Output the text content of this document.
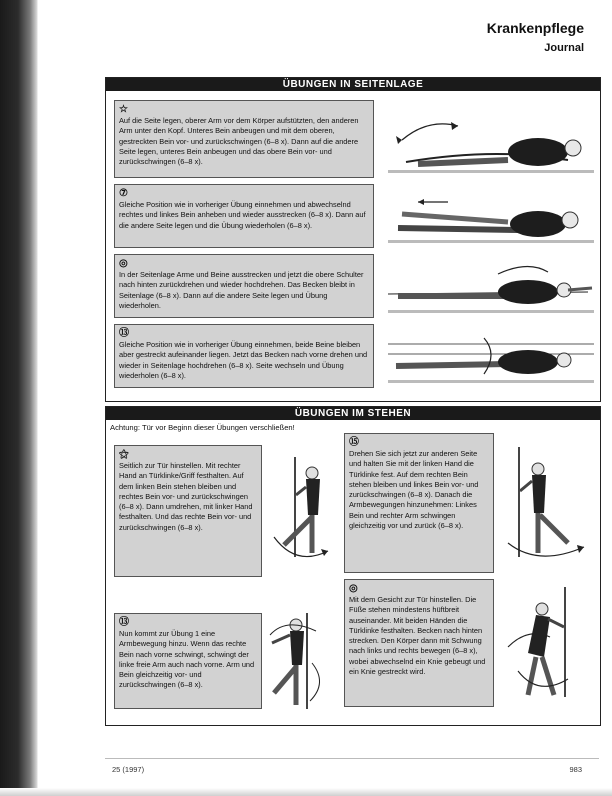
Krankenpflege
Journal
ÜBUNGEN IN SEITENLAGE
☆
Auf die Seite legen, oberer Arm vor dem Körper aufstützten, den anderen Arm unter den Kopf. Unteres Bein anbeugen und mit dem oberen, gestreckten Bein vor- und zurückschwingen (6–8 x). Dann auf die andere Seite legen, unteres Bein anbeugen und das obere Bein vor- und zurückschwingen (6–8 x).
⑦
Gleiche Position wie in vorheriger Übung einnehmen und abwechselnd rechtes und linkes Bein anheben und wieder ausstrecken (6–8 x). Dann auf die andere Seite legen und die Übung wiederholen (6–8 x).
◎
In der Seitenlage Arme und Beine ausstrecken und jetzt die obere Schulter nach hinten zurückdrehen und wieder hochdrehen. Das Becken bleibt in Seitenlage (6–8 x). Dann auf die andere Seite legen und Übung wiederholen.
⑬
Gleiche Position wie in vorheriger Übung einnehmen, beide Beine bleiben aber gestreckt aufeinander liegen. Jetzt das Becken nach vorne drehen und wieder in Seitenlage hochdrehen (6–8 x). Seite wechseln und Übung wiederholen (6–8 x).
ÜBUNGEN IM STEHEN
Achtung: Tür vor Beginn dieser Übungen verschließen!
⚝
Seitlich zur Tür hinstellen. Mit rechter Hand an Türklinke/Griff festhalten. Auf dem linken Bein stehen bleiben und rechtes Bein vor- und zurückschwingen (6–8 x). Dann umdrehen, mit linker Hand festhalten. Und das rechte Bein vor- und zurückschwingen (6–8 x).
⑬
Nun kommt zur Übung 1 eine Armbewegung hinzu. Wenn das rechte Bein nach vorne schwingt, schwingt der linke freie Arm auch nach vorne. Arm und Bein gleichzeitig vor- und zurückschwingen (6–8 x).
⑮
Drehen Sie sich jetzt zur anderen Seite und halten Sie mit der linken Hand die Türklinke fest. Auf dem rechten Bein stehen bleiben und linkes Bein vor- und zurückschwingen (6–8 x). Danach die Armbewegungen hinzunehmen: Linkes Bein und rechter Arm schwingen gleichzeitig vor und zurück (6–8 x).
◎
Mit dem Gesicht zur Tür hinstellen. Die Füße stehen mindestens hüftbreit auseinander. Mit beiden Händen die Türklinke festhalten. Becken nach hinten strecken. Den Körper dann mit Schwung nach links und rechts bewegen (6–8 x), wobei abwechselnd ein Knie gebeugt und ein Knie gestreckt wird.
25 (1997)	983
